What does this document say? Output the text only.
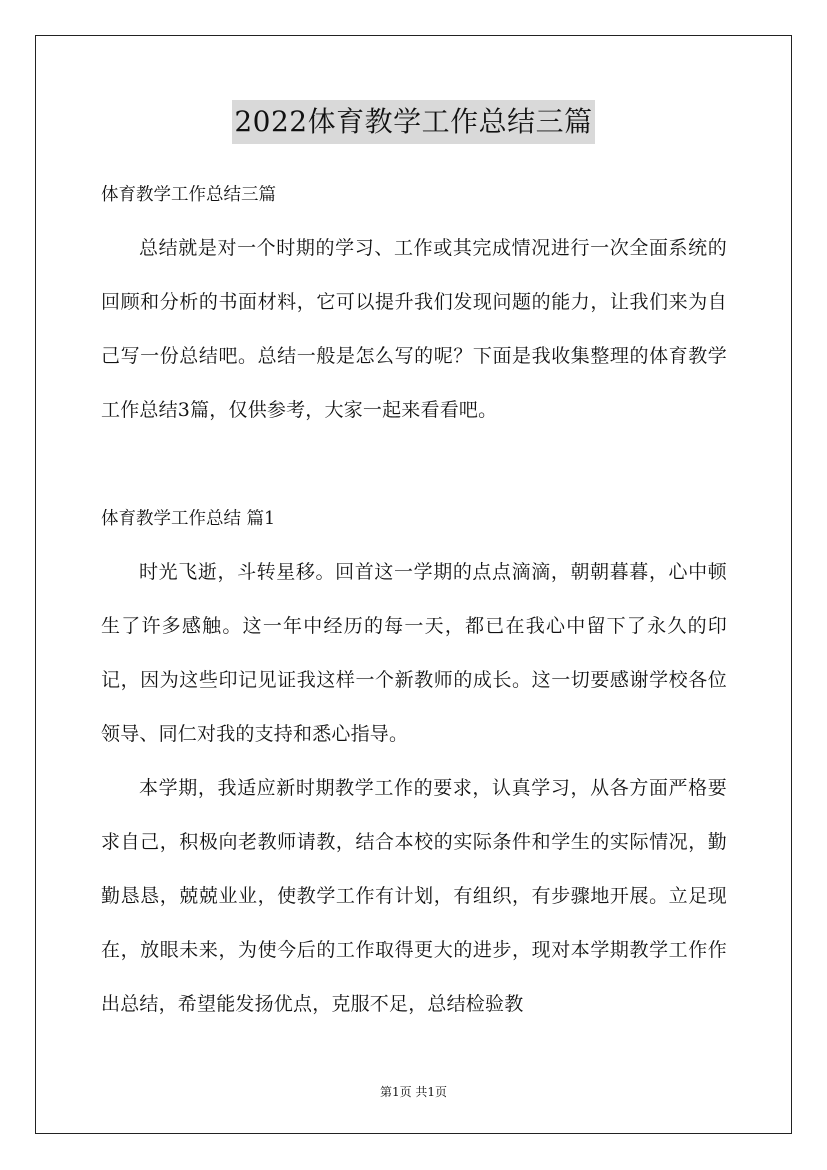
2022体育教学工作总结三篇
体育教学工作总结三篇

总结就是对一个时期的学习、工作或其完成情况进行一次全面系统的回顾和分析的书面材料，它可以提升我们发现问题的能力，让我们来为自己写一份总结吧。总结一般是怎么写的呢？下面是我收集整理的体育教学工作总结3篇，仅供参考，大家一起来看看吧。

体育教学工作总结 篇1

时光飞逝，斗转星移。回首这一学期的点点滴滴，朝朝暮暮，心中顿生了许多感触。这一年中经历的每一天，都已在我心中留下了永久的印记，因为这些印记见证我这样一个新教师的成长。这一切要感谢学校各位领导、同仁对我的支持和悉心指导。

本学期，我适应新时期教学工作的要求，认真学习，从各方面严格要求自己，积极向老教师请教，结合本校的实际条件和学生的实际情况，勤勤恳恳，兢兢业业，使教学工作有计划，有组织，有步骤地开展。立足现在，放眼未来，为使今后的工作取得更大的进步，现对本学期教学工作作出总结，希望能发扬优点，克服不足，总结检验教

第1页 共1页
